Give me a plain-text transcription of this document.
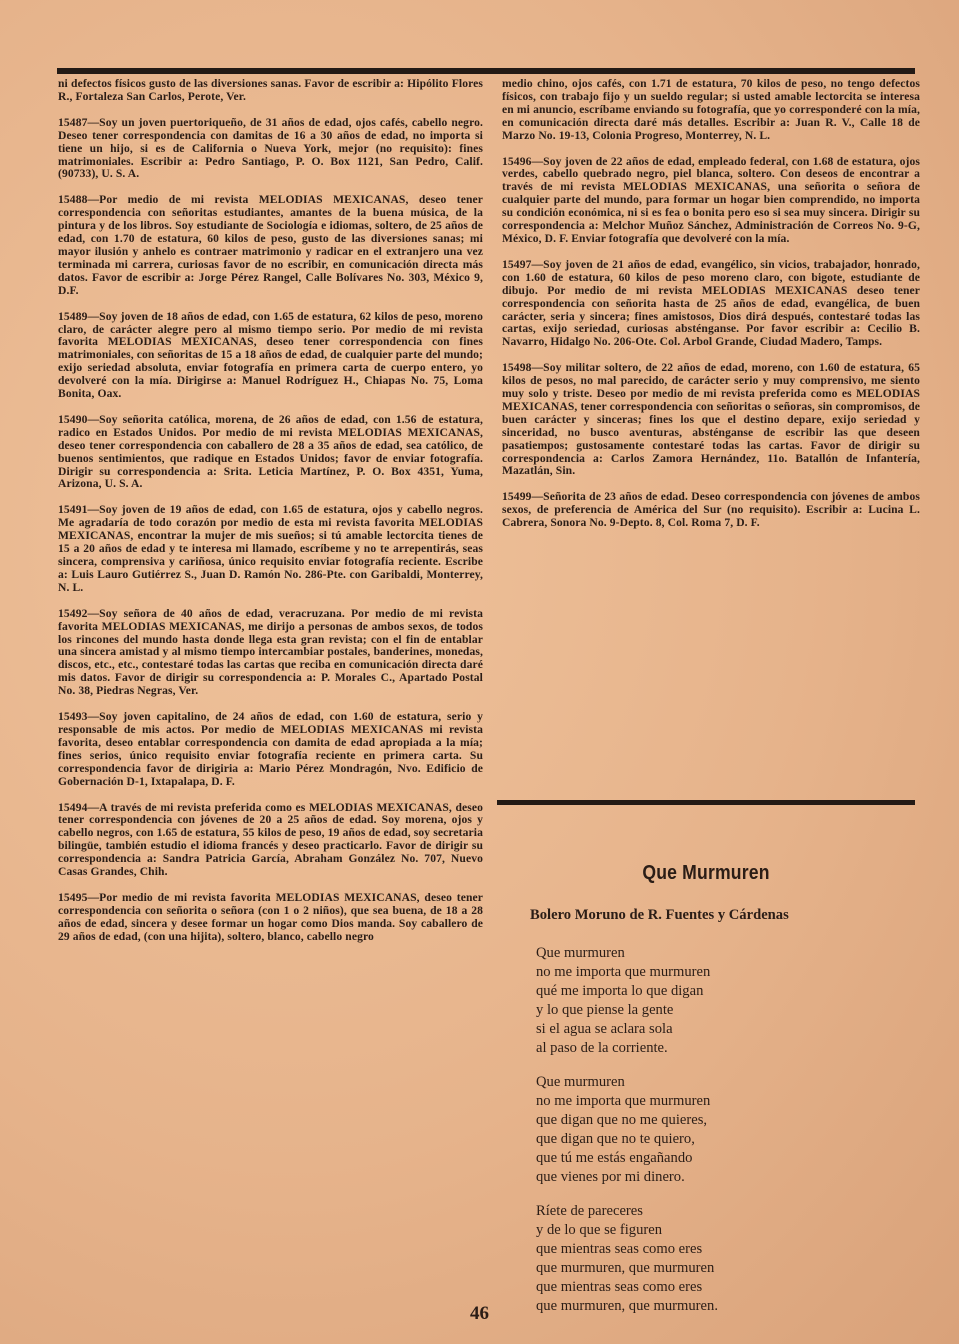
ni defectos físicos gusto de las diversiones sanas. Favor de escribir a: Hipólito Flores R., Fortaleza San Carlos, Perote, Ver.

15487—Soy un joven puertoriqueño, de 31 años de edad, ojos cafés, cabello negro. Deseo tener correspondencia con damitas de 16 a 30 años de edad, no importa si tiene un hijo, si es de California o Nueva York, mejor (no requisito): fines matrimoniales. Escribir a: Pedro Santiago, P. O. Box 1121, San Pedro, Calif. (90733), U. S. A.

15488—Por medio de mi revista MELODIAS MEXICANAS, deseo tener correspondencia con señoritas estudiantes, amantes de la buena música, de la pintura y de los libros. Soy estudiante de Sociología e idiomas, soltero, de 25 años de edad, con 1.70 de estatura, 60 kilos de peso, gusto de las diversiones sanas; mi mayor ilusión y anhelo es contraer matrimonio y radicar en el extranjero una vez terminada mi carrera, curiosas favor de no escribir, en comunicación directa más datos. Favor de escribir a: Jorge Pérez Rangel, Calle Bolívares No. 303, México 9, D.F.

15489—Soy joven de 18 años de edad, con 1.65 de estatura, 62 kilos de peso, moreno claro, de carácter alegre pero al mismo tiempo serio. Por medio de mi revista favorita MELODIAS MEXICANAS, deseo tener correspondencia con fines matrimoniales, con señoritas de 15 a 18 años de edad, de cualquier parte del mundo; exijo seriedad absoluta, enviar fotografía en primera carta de cuerpo entero, yo devolveré con la mía. Dirigirse a: Manuel Rodríguez H., Chiapas No. 75, Loma Bonita, Oax.

15490—Soy señorita católica, morena, de 26 años de edad, con 1.56 de estatura, radico en Estados Unidos. Por medio de mi revista MELODIAS MEXICANAS, deseo tener correspondencia con caballero de 28 a 35 años de edad, sea católico, de buenos sentimientos, que radique en Estados Unidos; favor de enviar fotografía. Dirigir su correspondencia a: Srita. Leticia Martínez, P. O. Box 4351, Yuma, Arizona, U. S. A.

15491—Soy joven de 19 años de edad, con 1.65 de estatura, ojos y cabello negros. Me agradaría de todo corazón por medio de esta mi revista favorita MELODIAS MEXICANAS, encontrar la mujer de mis sueños; si tú amable lectorcita tienes de 15 a 20 años de edad y te interesa mi llamado, escríbeme y no te arrepentirás, seas sincera, comprensiva y cariñosa, único requisito enviar fotografía reciente. Escribe a: Luis Lauro Gutiérrez S., Juan D. Ramón No. 286-Pte. con Garibaldi, Monterrey, N. L.

15492—Soy señora de 40 años de edad, veracruzana. Por medio de mi revista favorita MELODIAS MEXICANAS, me dirijo a personas de ambos sexos, de todos los rincones del mundo hasta donde llega esta gran revista; con el fin de entablar una sincera amistad y al mismo tiempo intercambiar postales, banderines, monedas, discos, etc., etc., contestaré todas las cartas que reciba en comunicación directa daré mis datos. Favor de dirigir su correspondencia a: P. Morales C., Apartado Postal No. 38, Piedras Negras, Ver.

15493—Soy joven capitalino, de 24 años de edad, con 1.60 de estatura, serio y responsable de mis actos. Por medio de MELODIAS MEXICANAS mi revista favorita, deseo entablar correspondencia con damita de edad apropiada a la mía; fines serios, único requisito enviar fotografía reciente en primera carta. Su correspondencia favor de dirigiria a: Mario Pérez Mondragón, Nvo. Edificio de Gobernación D-1, Ixtapalapa, D. F.

15494—A través de mi revista preferida como es MELODIAS MEXICANAS, deseo tener correspondencia con jóvenes de 20 a 25 años de edad. Soy morena, ojos y cabello negros, con 1.65 de estatura, 55 kilos de peso, 19 años de edad, soy secretaria bilingüe, también estudio el idioma francés y deseo practicarlo. Favor de dirigir su correspondencia a: Sandra Patricia García, Abraham González No. 707, Nuevo Casas Grandes, Chih.

15495—Por medio de mi revista favorita MELODIAS MEXICANAS, deseo tener correspondencia con señorita o señora (con 1 o 2 niños), que sea buena, de 18 a 28 años de edad, sincera y desee formar un hogar como Dios manda. Soy caballero de 29 años de edad, (con una hijita), soltero, blanco, cabello negro

medio chino, ojos cafés, con 1.71 de estatura, 70 kilos de peso, no tengo defectos físicos, con trabajo fijo y un sueldo regular; si usted amable lectorcita se interesa en mi anuncio, escríbame enviando su fotografía, que yo corresponderé con la mía, en comunicación directa daré más detalles. Escribir a: Juan R. V., Calle 18 de Marzo No. 19-13, Colonia Progreso, Monterrey, N. L.

15496—Soy joven de 22 años de edad, empleado federal, con 1.68 de estatura, ojos verdes, cabello quebrado negro, piel blanca, soltero. Con deseos de encontrar a través de mi revista MELODIAS MEXICANAS, una señorita o señora de cualquier parte del mundo, para formar un hogar bien comprendido, no importa su condición económica, ni si es fea o bonita pero eso si sea muy sincera. Dirigir su correspondencia a: Melchor Muñoz Sánchez, Administración de Correos No. 9-G, México, D. F. Enviar fotografía que devolveré con la mía.

15497—Soy joven de 21 años de edad, evangélico, sin vicios, trabajador, honrado, con 1.60 de estatura, 60 kilos de peso moreno claro, con bigote, estudiante de dibujo. Por medio de mi revista MELODIAS MEXICANAS deseo tener correspondencia con señorita hasta de 25 años de edad, evangélica, de buen carácter, seria y sincera; fines amistosos, Dios dirá después, contestaré todas las cartas, exijo seriedad, curiosas absténganse. Por favor escribir a: Cecilio B. Navarro, Hidalgo No. 206-Ote. Col. Arbol Grande, Ciudad Madero, Tamps.

15498—Soy militar soltero, de 22 años de edad, moreno, con 1.60 de estatura, 65 kilos de pesos, no mal parecido, de carácter serio y muy comprensivo, me siento muy solo y triste. Deseo por medio de mi revista preferida como es MELODIAS MEXICANAS, tener correspondencia con señoritas o señoras, sin compromisos, de buen carácter y sinceras; fines los que el destino depare, exijo seriedad y sinceridad, no busco aventuras, absténganse de escribir las que deseen pasatiempos; gustosamente contestaré todas las cartas. Favor de dirigir su correspondencia a: Carlos Zamora Hernández, 11o. Batallón de Infantería, Mazatlán, Sin.

15499—Señorita de 23 años de edad. Deseo correspondencia con jóvenes de ambos sexos, de preferencia de América del Sur (no requisito). Escribir a: Lucina L. Cabrera, Sonora No. 9-Depto. 8, Col. Roma 7, D. F.

Que Murmuren
Bolero Moruno de R. Fuentes y Cárdenas
Que murmuren
no me importa que murmuren
qué me importa lo que digan
y lo que piense la gente
si el agua se aclara sola
al paso de la corriente.
Que murmuren
no me importa que murmuren
que digan que no me quieres,
que digan que no te quiero,
que tú me estás engañando
que vienes por mi dinero.
Ríete de pareceres
y de lo que se figuren
que mientras seas como eres
que murmuren, que murmuren
que mientras seas como eres
que murmuren, que murmuren.
46
